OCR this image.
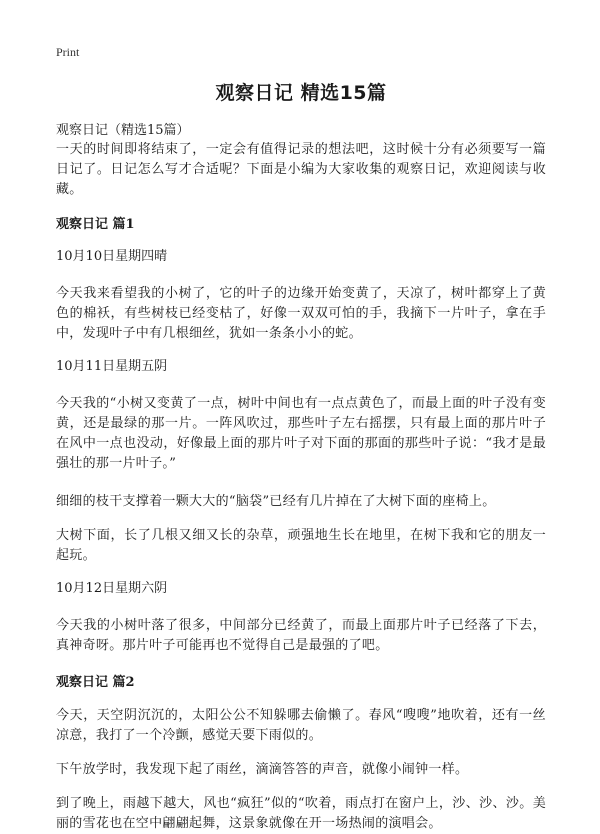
Print

观察日记 精选15篇

观察日记（精选15篇）

一天的时间即将结束了，一定会有值得记录的想法吧，这时候十分有必须要写一篇日记了。日记怎么写才合适呢？下面是小编为大家收集的观察日记，欢迎阅读与收藏。

观察日记 篇1

10月10日星期四晴

今天我来看望我的小树了，它的叶子的边缘开始变黄了，天凉了，树叶都穿上了黄色的棉袄，有些树枝已经变枯了，好像一双双可怕的手，我摘下一片叶子，拿在手中，发现叶子中有几根细丝，犹如一条条小小的蛇。

10月11日星期五阴

今天我的“小树又变黄了一点，树叶中间也有一点点黄色了，而最上面的叶子没有变黄，还是最绿的那一片。一阵风吹过，那些叶子左右摇摆，只有最上面的那片叶子在风中一点也没动，好像最上面的那片叶子对下面的那面的那些叶子说：“我才是最强壮的那一片叶子。”

细细的枝干支撑着一颗大大的“脑袋”已经有几片掉在了大树下面的座椅上。

大树下面，长了几根又细又长的杂草，顽强地生长在地里，在树下我和它的朋友一起玩。

10月12日星期六阴

今天我的小树叶落了很多，中间部分已经黄了，而最上面那片叶子已经落了下去，真神奇呀。那片叶子可能再也不觉得自己是最强的了吧。

观察日记 篇2

今天，天空阴沉沉的，太阳公公不知躲哪去偷懒了。春风“嗖嗖”地吹着，还有一丝凉意，我打了一个冷颤，感觉天要下雨似的。

下午放学时，我发现下起了雨丝，滴滴答答的声音，就像小闹钟一样。

到了晚上，雨越下越大，风也“疯狂”似的“吹着，雨点打在窗户上，沙、沙、沙。美丽的雪花也在空中翩翩起舞，这景象就像在开一场热闹的演唱会。
